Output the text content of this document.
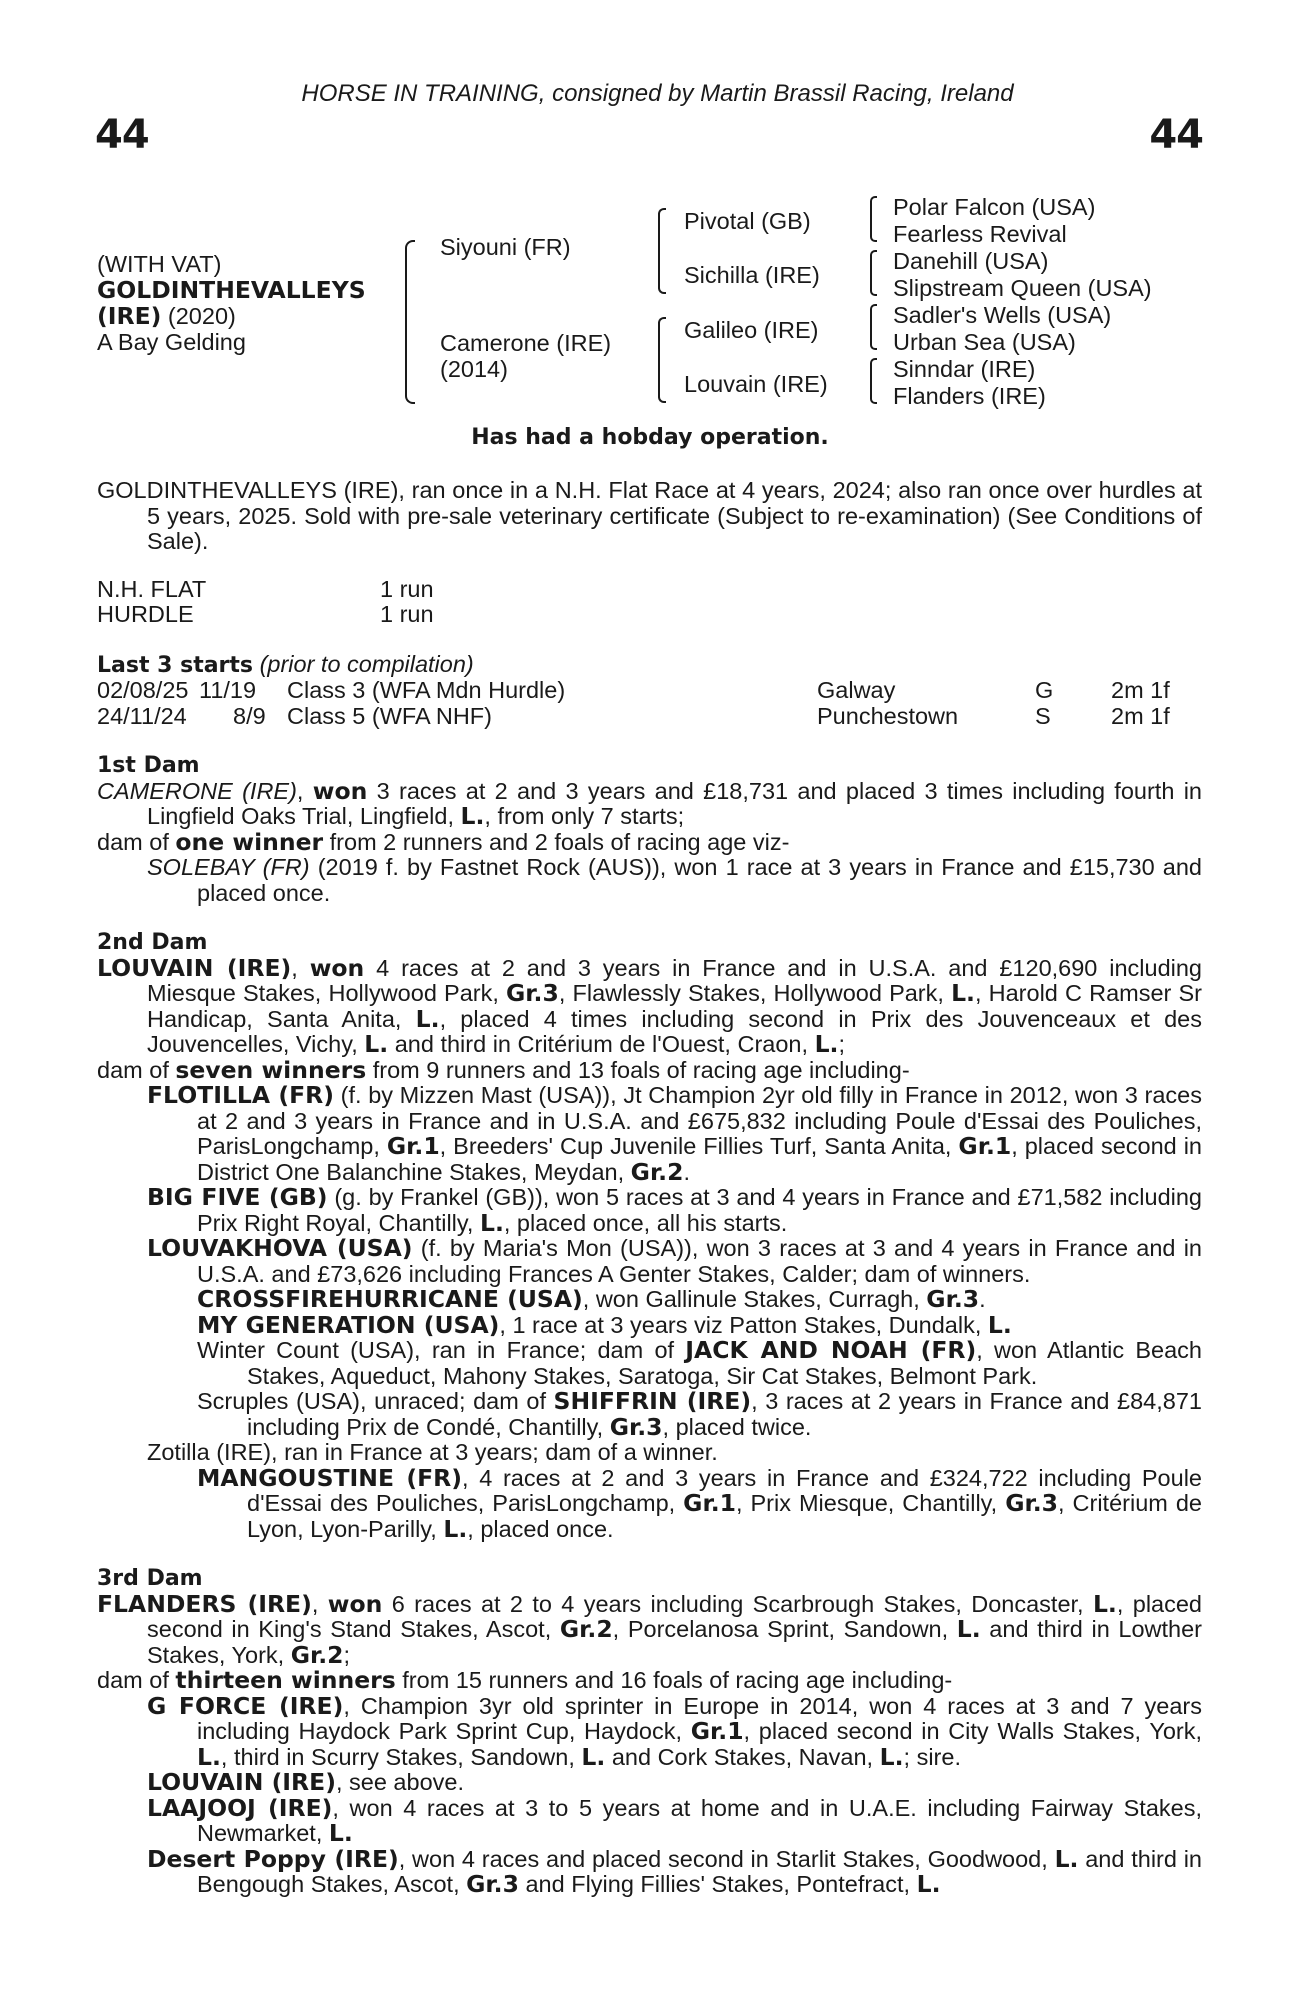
HORSE IN TRAINING, consigned by Martin Brassil Racing, Ireland
44	44
(WITH VAT)
GOLDINTHEVALLEYS
(IRE) (2020)
A Bay Gelding
Siyouni (FR)
Camerone (IRE)
(2014)
Pivotal (GB)
Sichilla (IRE)
Galileo (IRE)
Louvain (IRE)
Polar Falcon (USA)
Fearless Revival
Danehill (USA)
Slipstream Queen (USA)
Sadler's Wells (USA)
Urban Sea (USA)
Sinndar (IRE)
Flanders (IRE)
Has had a hobday operation.

GOLDINTHEVALLEYS (IRE), ran once in a N.H. Flat Race at 4 years, 2024; also ran once over hurdles at 5 years, 2025. Sold with pre-sale veterinary certificate (Subject to re-examination) (See Conditions of Sale).

N.H. FLAT	1 run
HURDLE	1 run
Last 3 starts (prior to compilation)
02/08/25 11/19 Class 3 (WFA Mdn Hurdle)	Galway	G 2m 1f
24/11/24 8/9 Class 5 (WFA NHF)	Punchestown	S	2m 1f
1st Dam

CAMERONE (IRE), won 3 races at 2 and 3 years and £18,731 and placed 3 times including fourth in Lingfield Oaks Trial, Lingfield, L., from only 7 starts;

dam of one winner from 2 runners and 2 foals of racing age viz-

SOLEBAY (FR) (2019 f. by Fastnet Rock (AUS)), won 1 race at 3 years in France and £15,730 and placed once.

2nd Dam

LOUVAIN (IRE), won 4 races at 2 and 3 years in France and in U.S.A. and £120,690 including Miesque Stakes, Hollywood Park, Gr.3, Flawlessly Stakes, Hollywood Park, L., Harold C Ramser Sr Handicap, Santa Anita, L., placed 4 times including second in Prix des Jouvenceaux et des Jouvencelles, Vichy, L. and third in Critérium de l'Ouest, Craon, L.;

dam of seven winners from 9 runners and 13 foals of racing age including-

FLOTILLA (FR) (f. by Mizzen Mast (USA)), Jt Champion 2yr old filly in France in 2012, won 3 races at 2 and 3 years in France and in U.S.A. and £675,832 including Poule d'Essai des Pouliches, ParisLongchamp, Gr.1, Breeders' Cup Juvenile Fillies Turf, Santa Anita, Gr.1, placed second in District One Balanchine Stakes, Meydan, Gr.2.

BIG FIVE (GB) (g. by Frankel (GB)), won 5 races at 3 and 4 years in France and £71,582 including Prix Right Royal, Chantilly, L., placed once, all his starts.

LOUVAKHOVA (USA) (f. by Maria's Mon (USA)), won 3 races at 3 and 4 years in France and in U.S.A. and £73,626 including Frances A Genter Stakes, Calder; dam of winners.

CROSSFIREHURRICANE (USA), won Gallinule Stakes, Curragh, Gr.3.

MY GENERATION (USA), 1 race at 3 years viz Patton Stakes, Dundalk, L.

Winter Count (USA), ran in France; dam of JACK AND NOAH (FR), won Atlantic Beach Stakes, Aqueduct, Mahony Stakes, Saratoga, Sir Cat Stakes, Belmont Park.

Scruples (USA), unraced; dam of SHIFFRIN (IRE), 3 races at 2 years in France and £84,871 including Prix de Condé, Chantilly, Gr.3, placed twice.

Zotilla (IRE), ran in France at 3 years; dam of a winner.

MANGOUSTINE (FR), 4 races at 2 and 3 years in France and £324,722 including Poule d'Essai des Pouliches, ParisLongchamp, Gr.1, Prix Miesque, Chantilly, Gr.3, Critérium de Lyon, Lyon-Parilly, L., placed once.

3rd Dam

FLANDERS (IRE), won 6 races at 2 to 4 years including Scarbrough Stakes, Doncaster, L., placed second in King's Stand Stakes, Ascot, Gr.2, Porcelanosa Sprint, Sandown, L. and third in Lowther Stakes, York, Gr.2;

dam of thirteen winners from 15 runners and 16 foals of racing age including-

G FORCE (IRE), Champion 3yr old sprinter in Europe in 2014, won 4 races at 3 and 7 years including Haydock Park Sprint Cup, Haydock, Gr.1, placed second in City Walls Stakes, York, L., third in Scurry Stakes, Sandown, L. and Cork Stakes, Navan, L.; sire.

LOUVAIN (IRE), see above.

LAAJOOJ (IRE), won 4 races at 3 to 5 years at home and in U.A.E. including Fairway Stakes, Newmarket, L.

Desert Poppy (IRE), won 4 races and placed second in Starlit Stakes, Goodwood, L. and third in Bengough Stakes, Ascot, Gr.3 and Flying Fillies' Stakes, Pontefract, L.
